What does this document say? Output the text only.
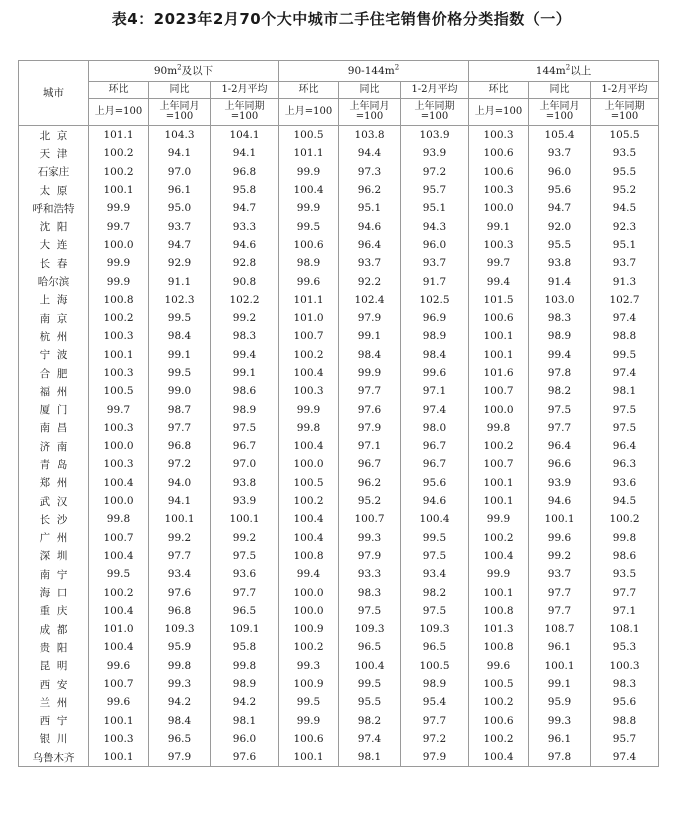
表4：2023年2月70个大中城市二手住宅销售价格分类指数（一）
城市	$90m^2$及以下			$90-144m^2$			$144m^2$以上		
	环比	同比	1-2月平均	环比	同比	1-2月平均	环比	同比	1-2月平均
	上月=100	上年同月=100	上年同期=100	上月=100	上年同月=100	上年同期=100	上月=100	上年同月=100	上年同期=100
北  京	101.1	104.3	104.1	100.5	103.8	103.9	100.3	105.4	105.5
天  津	100.2	94.1	94.1	101.1	94.4	93.9	100.6	93.7	93.5
石家庄	100.2	97.0	96.8	99.9	97.3	97.2	100.6	96.0	95.5
太  原	100.1	96.1	95.8	100.4	96.2	95.7	100.3	95.6	95.2
呼和浩特	99.9	95.0	94.7	99.9	95.1	95.1	100.0	94.7	94.5
沈  阳	99.7	93.7	93.3	99.5	94.6	94.3	99.1	92.0	92.3
大  连	100.0	94.7	94.6	100.6	96.4	96.0	100.3	95.5	95.1
长  春	99.9	92.9	92.8	98.9	93.7	93.7	99.7	93.8	93.7
哈尔滨	99.9	91.1	90.8	99.6	92.2	91.7	99.4	91.4	91.3
上  海	100.8	102.3	102.2	101.1	102.4	102.5	101.5	103.0	102.7
南  京	100.2	99.5	99.2	101.0	97.9	96.9	100.6	98.3	97.4
杭  州	100.3	98.4	98.3	100.7	99.1	98.9	100.1	98.9	98.8
宁  波	100.1	99.1	99.4	100.2	98.4	98.4	100.1	99.4	99.5
合  肥	100.3	99.5	99.1	100.4	99.9	99.6	101.6	97.8	97.4
福  州	100.5	99.0	98.6	100.3	97.7	97.1	100.7	98.2	98.1
厦  门	99.7	98.7	98.9	99.9	97.6	97.4	100.0	97.5	97.5
南  昌	100.3	97.7	97.5	99.8	97.9	98.0	99.8	97.7	97.5
济  南	100.0	96.8	96.7	100.4	97.1	96.7	100.2	96.4	96.4
青  岛	100.3	97.2	97.0	100.0	96.7	96.7	100.7	96.6	96.3
郑  州	100.4	94.0	93.8	100.5	96.2	95.6	100.1	93.9	93.6
武  汉	100.0	94.1	93.9	100.2	95.2	94.6	100.1	94.6	94.5
长  沙	99.8	100.1	100.1	100.4	100.7	100.4	99.9	100.1	100.2
广  州	100.7	99.2	99.2	100.4	99.3	99.5	100.2	99.6	99.8
深  圳	100.4	97.7	97.5	100.8	97.9	97.5	100.4	99.2	98.6
南  宁	99.5	93.4	93.6	99.4	93.3	93.4	99.9	93.7	93.5
海  口	100.2	97.6	97.7	100.0	98.3	98.2	100.1	97.7	97.7
重  庆	100.4	96.8	96.5	100.0	97.5	97.5	100.8	97.7	97.1
成  都	101.0	109.3	109.1	100.9	109.3	109.3	101.3	108.7	108.1
贵  阳	100.4	95.9	95.8	100.2	96.5	96.5	100.8	96.1	95.3
昆  明	99.6	99.8	99.8	99.3	100.4	100.5	99.6	100.1	100.3
西  安	100.7	99.3	98.9	100.9	99.5	98.9	100.5	99.1	98.3
兰  州	99.6	94.2	94.2	99.5	95.5	95.4	100.2	95.9	95.6
西  宁	100.1	98.4	98.1	99.9	98.2	97.7	100.6	99.3	98.8
银  川	100.3	96.5	96.0	100.6	97.4	97.2	100.2	96.1	95.7
乌鲁木齐	100.1	97.9	97.6	100.1	98.1	97.9	100.4	97.8	97.4
